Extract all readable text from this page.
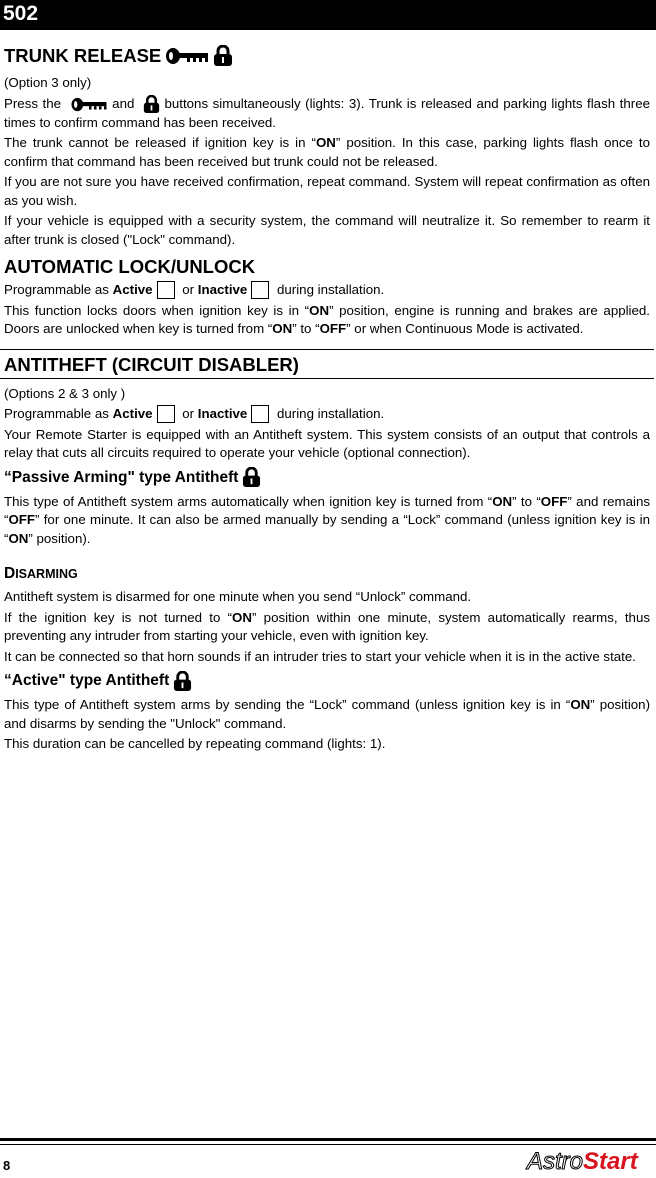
502
TRUNK RELEASE

(Option 3 only)

Press the	and
buttons simultaneously (lights: 3). Trunk is released and parking lights flash three times to confirm command has been received.

The trunk cannot be released if ignition key is in “ON” position. In this case, parking lights flash once to confirm that command has been received but trunk could not be released.

If you are not sure you have received confirmation, repeat command. System will repeat confirmation as often as you wish.

If your vehicle is equipped with a security system, the command will neutralize it. So remember to rearm it after trunk is closed ("Lock" command).

AUTOMATIC LOCK/UNLOCK

Programmable as Active or Inactive during installation.

This function locks doors when ignition key is in “ON” position, engine is running and brakes are applied. Doors are unlocked when key is turned from “ON” to “OFF” or when Continuous Mode is activated.

ANTITHEFT (CIRCUIT DISABLER)

(Options 2 & 3 only )

Programmable as Active or Inactive during installation.

Your Remote Starter is equipped with an Antitheft system. This system consists of an output that controls a relay that cuts all circuits required to operate your vehicle (optional connection).

“Passive Arming" type Antitheft

This type of Antitheft system arms automatically when ignition key is turned from “ON” to “OFF” and remains “OFF” for one minute. It can also be armed manually by sending a “Lock” command (unless ignition key is in “ON” position).

DISARMING

Antitheft system is disarmed for one minute when you send “Unlock” command.

If the ignition key is not turned to “ON” position within one minute, system automatically rearms, thus preventing any intruder from starting your vehicle, even with ignition key.

It can be connected so that horn sounds if an intruder tries to start your vehicle when it is in the active state.

“Active" type Antitheft

This type of Antitheft system arms by sending the “Lock” command (unless ignition key is in “ON” position) and disarms by sending the "Unlock" command.

This duration can be cancelled by repeating command (lights: 1).

8	AstroStart
